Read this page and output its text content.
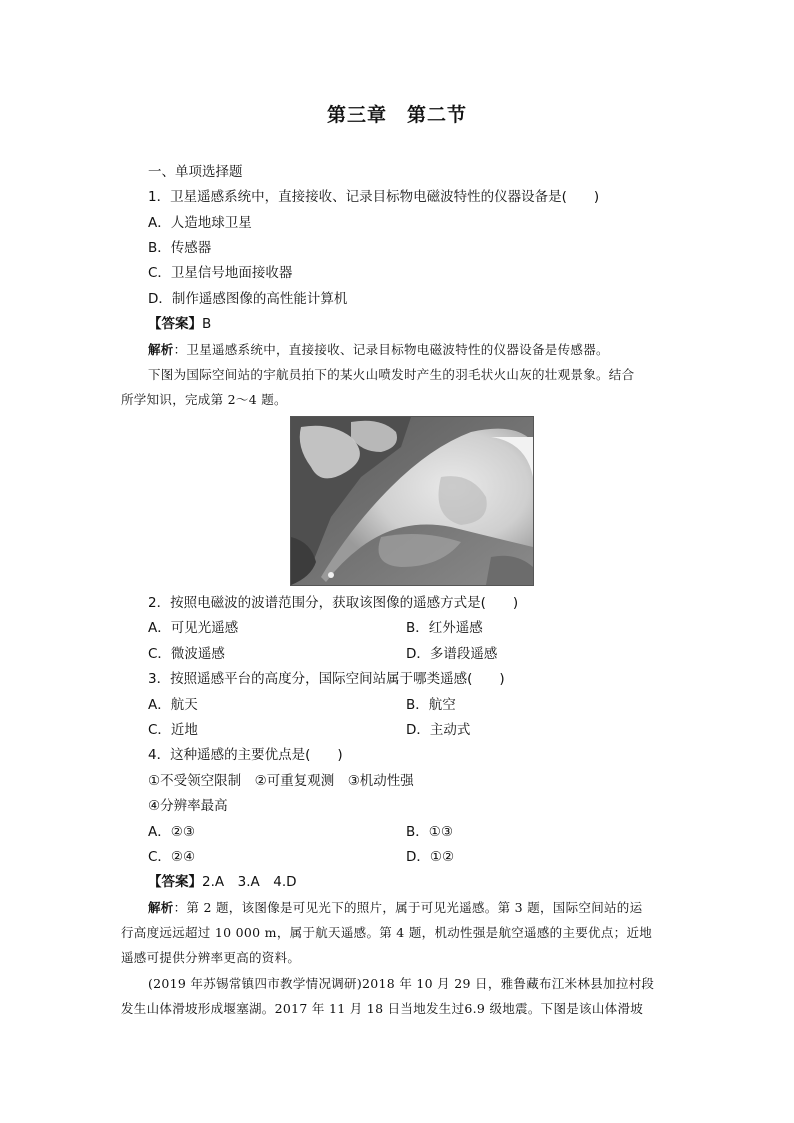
第三章　第二节
一、单项选择题
1．卫星遥感系统中，直接接收、记录目标物电磁波特性的仪器设备是(　　)
A．人造地球卫星
B．传感器
C．卫星信号地面接收器
D．制作遥感图像的高性能计算机
【答案】B
解析：卫星遥感系统中，直接接收、记录目标物电磁波特性的仪器设备是传感器。
下图为国际空间站的宇航员拍下的某火山喷发时产生的羽毛状火山灰的壮观景象。结合
所学知识，完成第 2～4 题。
2．按照电磁波的波谱范围分，获取该图像的遥感方式是(　　)
A．可见光遥感	B．红外遥感
C．微波遥感	D．多谱段遥感
3．按照遥感平台的高度分，国际空间站属于哪类遥感(　　)
A．航天	B．航空
C．近地	D．主动式
4．这种遥感的主要优点是(　　)
①不受领空限制　②可重复观测　③机动性强
④分辨率最高
A．②③	B．①③
C．②④	D．①②
【答案】2.A　3.A　4.D
解析：第 2 题，该图像是可见光下的照片，属于可见光遥感。第 3 题，国际空间站的运
行高度远远超过 10 000 m，属于航天遥感。第 4 题，机动性强是航空遥感的主要优点；近地
遥感可提供分辨率更高的资料。
(2019 年苏锡常镇四市教学情况调研)2018 年 10 月 29 日，雅鲁藏布江米林县加拉村段
发生山体滑坡形成堰塞湖。2017 年 11 月 18 日当地发生过6.9 级地震。下图是该山体滑坡
